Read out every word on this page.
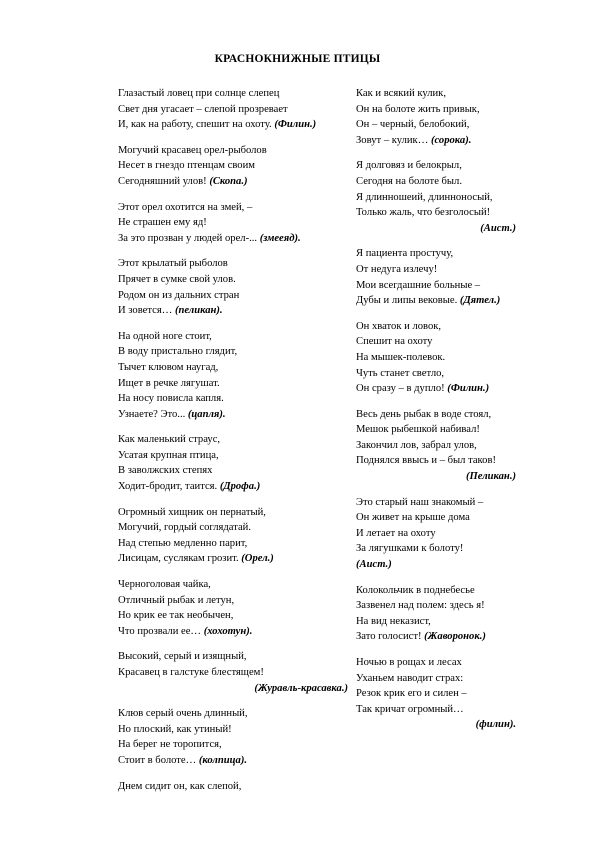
КРАСНОКНИЖНЫЕ ПТИЦЫ
Глазастый ловец при солнце слепец
Свет дня угасает – слепой прозревает
И, как на работу, спешит на охоту. (Филин.)
Могучий красавец орел-рыболов
Несет в гнездо птенцам своим
Сегодняшний улов! (Скопа.)
Этот орел охотится на змей, –
Не страшен ему яд!
За это прозван у людей орел-... (змееяд).
Этот крылатый рыболов
Прячет в сумке свой улов.
Родом он из дальних стран
И зовется… (пеликан).
На одной ноге стоит,
В воду пристально глядит,
Тычет клювом наугад,
Ищет в речке лягушат.
На носу повисла капля.
Узнаете? Это... (цапля).
Как маленький страус,
Усатая крупная птица,
В заволжских степях
Ходит-бродит, таится. (Дрофа.)
Огромный хищник он пернатый,
Могучий, гордый соглядатай.
Над степью медленно парит,
Лисицам, суслякам грозит. (Орел.)
Черноголовая чайка,
Отличный рыбак и летун,
Но крик ее так необычен,
Что прозвали ее… (хохотун).
Высокий, серый и изящный,
Красавец в галстуке блестящем!
(Журавль-красавка.)
Клюв серый очень длинный,
Но плоский, как утиный!
На берег не торопится,
Стоит в болоте… (колпица).
Днем сидит он, как слепой,
Как и всякий кулик,
Он на болоте жить привык,
Он – черный, белобокий,
Зовут – кулик… (сорока).
Я долговяз и белокрыл,
Сегодня на болоте был.
Я длинношеий, длинноносый,
Только жаль, что безголосый!
(Аист.)
Я пациента простучу,
От недуга излечу!
Мои всегдашние больные –
Дубы и липы вековые. (Дятел.)
Он хваток и ловок,
Спешит на охоту
На мышек-полевок.
Чуть станет светло,
Он сразу – в дупло! (Филин.)
Весь день рыбак в воде стоял,
Мешок рыбешкой набивал!
Закончил лов, забрал улов,
Поднялся ввысь и – был таков!
(Пеликан.)
Это старый наш знакомый –
Он живет на крыше дома
И летает на охоту
За лягушками к болоту!
(Аист.)
Колокольчик в поднебесье
Зазвенел над полем: здесь я!
На вид неказист,
Зато голосист! (Жаворонок.)
Ночью в рощах и лесах
Уханьем наводит страх:
Резок крик его и силен –
Так кричат огромный…
(филин).
